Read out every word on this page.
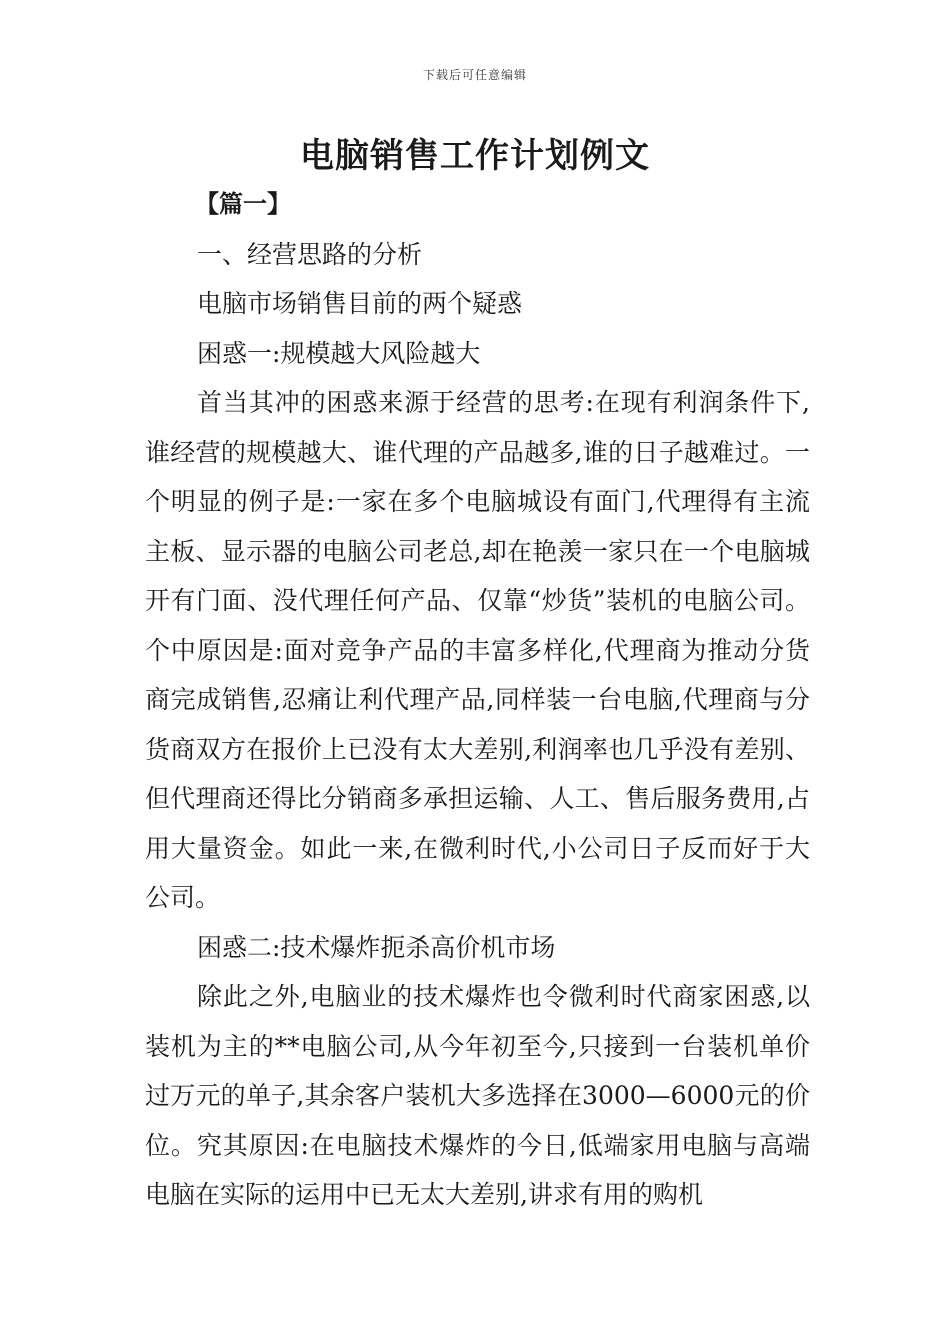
下载后可任意编辑
电脑销售工作计划例文

【篇一】

一、经营思路的分析

电脑市场销售目前的两个疑惑

困惑一:规模越大风险越大

首当其冲的困惑来源于经营的思考:在现有利润条件下,谁经营的规模越大、谁代理的产品越多,谁的日子越难过。一个明显的例子是:一家在多个电脑城设有面门,代理得有主流主板、显示器的电脑公司老总,却在艳羡一家只在一个电脑城开有门面、没代理任何产品、仅靠“炒货”装机的电脑公司。个中原因是:面对竞争产品的丰富多样化,代理商为推动分货商完成销售,忍痛让利代理产品,同样装一台电脑,代理商与分货商双方在报价上已没有太大差别,利润率也几乎没有差别、但代理商还得比分销商多承担运输、人工、售后服务费用,占用大量资金。如此一来,在微利时代,小公司日子反而好于大公司。

困惑二:技术爆炸扼杀高价机市场

除此之外,电脑业的技术爆炸也令微利时代商家困惑,以装机为主的**电脑公司,从今年初至今,只接到一台装机单价过万元的单子,其余客户装机大多选择在3000—6000元的价位。究其原因:在电脑技术爆炸的今日,低端家用电脑与高端电脑在实际的运用中已无太大差别,讲求有用的购机
